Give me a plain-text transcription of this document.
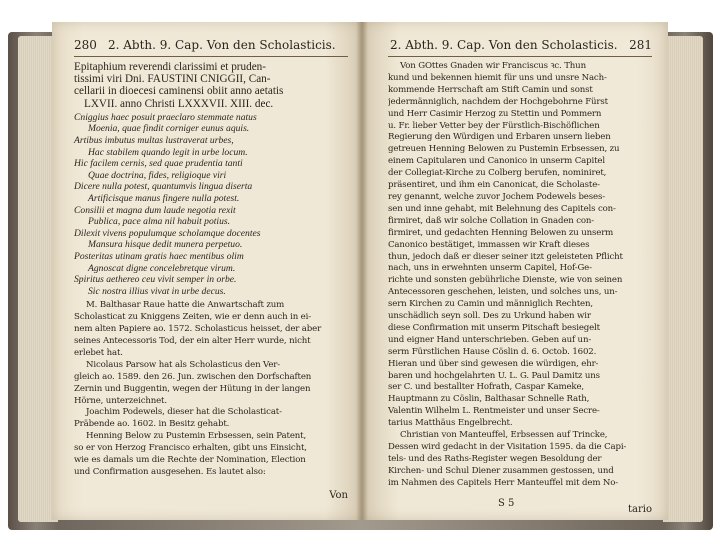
280 2. Abth. 9. Cap. Von den Scholasticis.
Epitaphium reverendi clarissimi et pruden-
tissimi viri Dni. FAUSTINI CNIGGII, Can-
cellarii in dioecesi caminensi obiit anno aetatis
LXVII. anno Christi LXXXVII. XIII. dec.
Cniggius haec posuit praeclaro stemmate natus
Moenia, quae findit corniger eunus aquis.
Artibus imbutus multas lustraverat urbes,
Hac stabilem quando legit in urbe locum.
Hic facilem cernis, sed quae prudentia tanti
Quae doctrina, fides, religioque viri
Dicere nulla potest, quantumvis lingua diserta
Artificisque manus fingere nulla potest.
Consilii et magna dum laude negotia rexit
Publica, pace alma nil habuit potius.
Dilexit vivens populumque scholamque docentes
Mansura hisque dedit munera perpetuo.
Posteritas utinam gratis haec mentibus olim
Agnoscat digne concelebretque virum.
Spiritus aethereo ceu vivit semper in orbe.
Sic nostra illius vivat in urbe decus.
M. Balthasar Raue hatte die Anwartschaft zum
Scholasticat zu Kniggens Zeiten, wie er denn auch in ei-
nem alten Papiere ao. 1572. Scholasticus heisset, der aber
seines Antecessoris Tod, der ein alter Herr wurde, nicht
erlebet hat.
Nicolaus Parsow hat als Scholasticus den Ver-
gleich ao. 1589. den 26. Jun. zwischen den Dorfschaften
Zernin und Buggentin, wegen der Hütung in der langen
Hörne, unterzeichnet.
Joachim Podewels, dieser hat die Scholasticat-
Präbende ao. 1602. in Besitz gehabt.
Henning Below zu Pustemin Erbsessen, sein Patent,
so er von Herzog Francisco erhalten, gibt uns Einsicht,
wie es damals um die Rechte der Nomination, Election
und Confirmation ausgesehen. Es lautet also:
Von
2. Abth. 9. Cap. Von den Scholasticis. 281
Von GOttes Gnaden wir Franciscus ꝛc. Thun
kund und bekennen hiemit für uns und unsre Nach-
kommende Herrschaft am Stift Camin und sonst
jedermänniglich, nachdem der Hochgebohrne Fürst
und Herr Casimir Herzog zu Stettin und Pommern
u. Fr. lieber Vetter bey der Fürstlich-Bischöflichen
Regierung den Würdigen und Erbaren unsern lieben
getreuen Henning Belowen zu Pustemin Erbsessen, zu
einem Capitularen und Canonico in unserm Capitel
der Collegiat-Kirche zu Colberg berufen, nominiret,
präsentiret, und ihm ein Canonicat, die Scholaste-
rey genannt, welche zuvor Jochem Podewels beses-
sen und inne gehabt, mit Belehnung des Capitels con-
firmiret, daß wir solche Collation in Gnaden con-
firmiret, und gedachten Henning Belowen zu unserm
Canonico bestätiget, immassen wir Kraft dieses
thun, jedoch daß er dieser seiner itzt geleisteten Pflicht
nach, uns in erwehnten unserm Capitel, Hof-Ge-
richte und sonsten gebührliche Dienste, wie von seinen
Antecessoren geschehen, leisten, und solches uns, un-
sern Kirchen zu Camin und männiglich Rechten,
unschädlich seyn soll. Des zu Urkund haben wir
diese Confirmation mit unserm Pitschaft besiegelt
und eigner Hand unterschrieben. Geben auf un-
serm Fürstlichen Hause Cöslin d. 6. Octob. 1602.
Hieran und über sind gewesen die würdigen, ehr-
baren und hochgelahrten U. L. G. Paul Damitz uns
ser C. und bestallter Hofrath, Caspar Kameke,
Hauptmann zu Cöslin, Balthasar Schnelle Rath,
Valentin Wilhelm L. Rentmeister und unser Secre-
tarius Matthäus Engelbrecht.
Christian von Manteuffel, Erbsessen auf Trincke,
Dessen wird gedacht in der Visitation 1595. da die Capi-
tels- und des Raths-Register wegen Besoldung der
Kirchen- und Schul Diener zusammen gestossen, und
im Nahmen des Capitels Herr Manteuffel mit dem No-
S 5
tario
